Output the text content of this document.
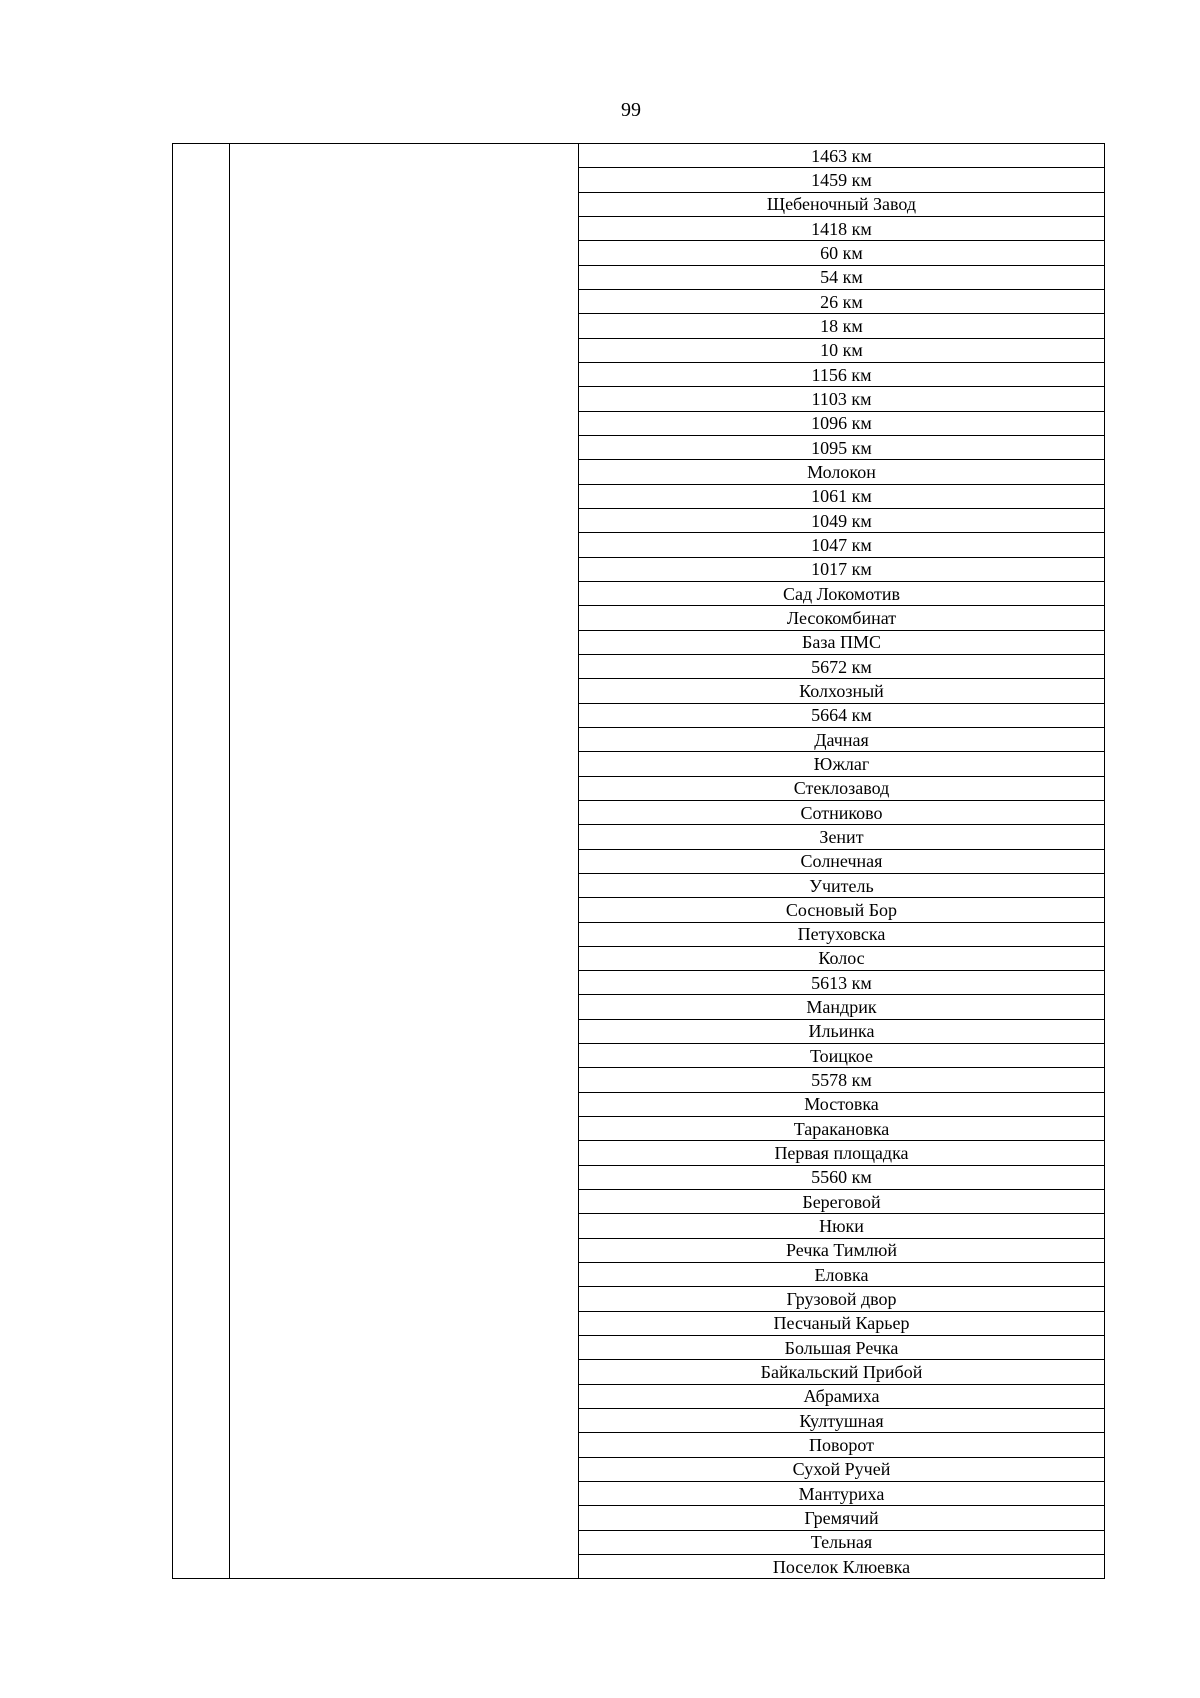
99
1463 км
1459 км
Щебеночный Завод
1418 км
60 км
54 км
26 км
18 км
10 км
1156 км
1103 км
1096 км
1095 км
Молокон
1061 км
1049 км
1047 км
1017 км
Сад Локомотив
Лесокомбинат
База ПМС
5672 км
Колхозный
5664 км
Дачная
Южлаг
Стеклозавод
Сотниково
Зенит
Солнечная
Учитель
Сосновый Бор
Петуховска
Колос
5613 км
Мандрик
Ильинка
Тоицкое
5578 км
Мостовка
Таракановка
Первая площадка
5560 км
Береговой
Нюки
Речка Тимлюй
Еловка
Грузовой двор
Песчаный Карьер
Большая Речка
Байкальский Прибой
Абрамиха
Култушная
Поворот
Сухой Ручей
Мантуриха
Гремячий
Тельная
Поселок Клюевка
